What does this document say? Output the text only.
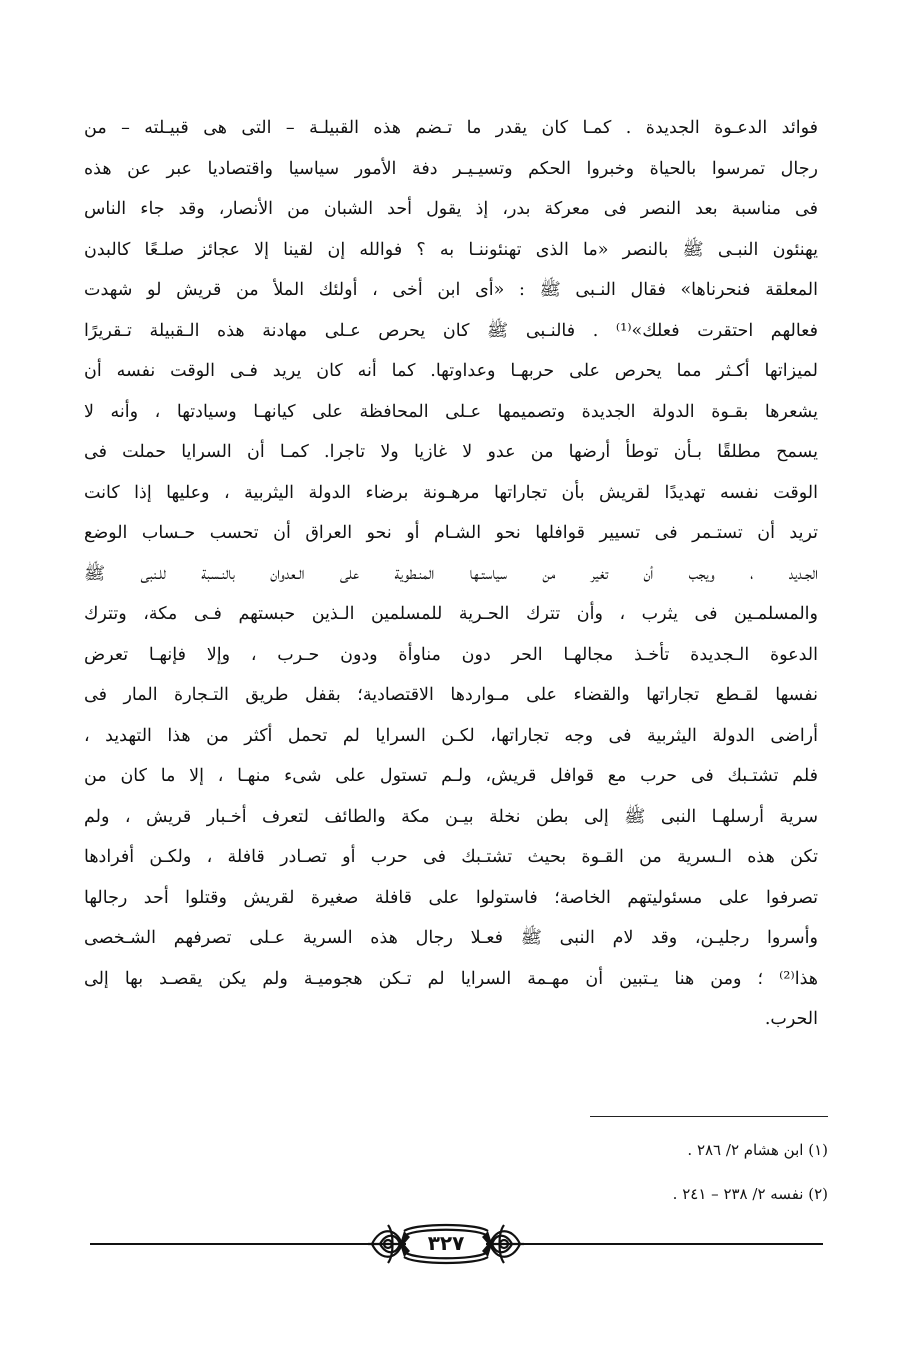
فوائد الدعـوة الجديدة . كمـا كان يقدر ما تـضم هذه القبيلـة – التى هى قبيـلته – من
رجال تمرسوا بالحياة وخبروا الحكم وتسيـيـر دفة الأمور سياسيا واقتصاديا عبر عن هذه
فى مناسبة بعد النصر فى معركة بدر، إذ يقول أحد الشبان من الأنصار، وقد جاء الناس
يهنئون النبـى ﷺ بالنصر «ما الذى تهنئوننـا به ؟ فوالله إن لقينا إلا عجائز صلـعًا كالبدن
المعلقة فنحرناها» فقال النـبى ﷺ : «أى ابن أخى ، أولئك الملأ من قريش لو شهدت
فعالهم احتقرت فعلك»⁽¹⁾ . فالنـبى ﷺ كان يحرص عـلى مهادنة هذه الـقبيلة تـقريرًا
لميزاتها أكـثر مما يحرص على حربهـا وعداوتها. كما أنه كان يريد فـى الوقت نفسه أن
يشعرها بقـوة الدولة الجديدة وتصميمها عـلى المحافظة على كيانهـا وسيادتها ، وأنه لا
يسمح مطلقًا بـأن توطأ أرضها من عدو لا غازيا ولا تاجرا. كمـا أن السرايا حملت فى
الوقت نفسه تهديدًا لقريش بأن تجاراتها مرهـونة برضاء الدولة اليثربية ، وعليها إذا كانت
تريد أن تستـمر فى تسيير قوافلها نحو الشـام أو نحو العراق أن تحسب حـساب الوضع
الجـديد ، ويجب أن تغير من سياستـها المنـطوية على الـعدوان بالنـسبة للـنبى ﷺ
والمسلمـين فى يثرب ، وأن تترك الحـرية للمسلمين الـذين حبستهم فـى مكة، وتترك
الدعوة الـجديدة تأخـذ مجالهـا الحر دون مناوأة ودون حـرب ، وإلا فإنهـا تعرض
نفسها لقـطع تجاراتها والقضاء على مـواردها الاقتصادية؛ بقفل طريق التـجارة المار فى
أراضى الدولة اليثربية فى وجه تجاراتها، لكـن السرايا لم تحمل أكثر من هذا التهديد ،
فلم تشتـبك فى حرب مع قوافل قريش، ولـم تستول على شىء منهـا ، إلا ما كان من
سرية أرسلهـا النبى ﷺ إلى بطن نخلة بيـن مكة والطائف لتعرف أخـبار قريش ، ولم
تكن هذه الـسرية من القـوة بحيث تشتـبك فى حرب أو تصـادر قافلة ، ولكـن أفرادها
تصرفوا على مسئوليتهم الخاصة؛ فاستولوا على قافلة صغيرة لقريش وقتلوا أحد رجالها
وأسروا رجليـن، وقد لام النبى ﷺ فعـلا رجال هذه السرية عـلى تصرفهم الشـخصى
هذا⁽²⁾ ؛ ومن هنا يـتبين أن مهـمة السرايا لم تـكن هجوميـة ولم يكن يقصـد بها إلى
الحرب.
(١) ابن هشام ٢/ ٢٨٦ .
(٢) نفسه ٢/ ٢٣٨ – ٢٤١ .
٣٢٧
